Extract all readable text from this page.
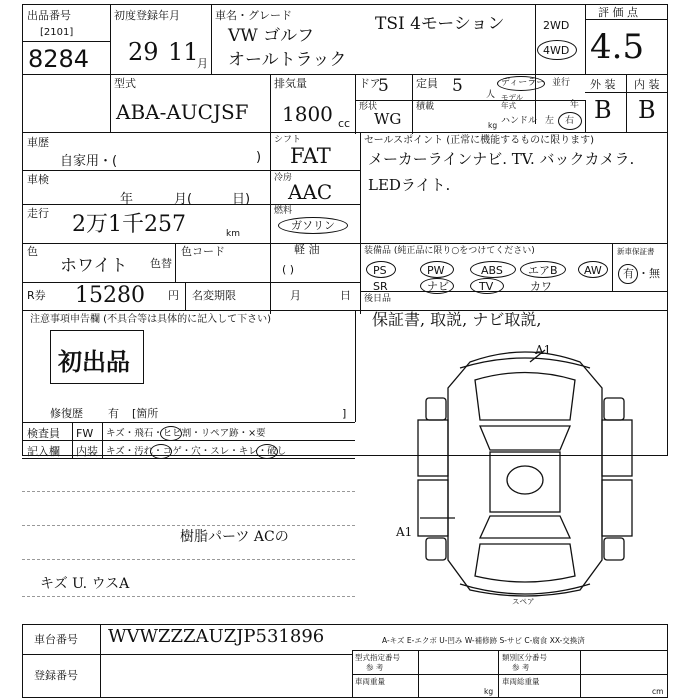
出品番号
[2101]
8284
初度登録年月
29 11
月
車名・グレード
VW ゴルフ
オールトラック
TSI 4モーション	2WD
4WD
評 価 点
4.5
型式
ABA-AUCJSF
排気量
1800 cc
ドア
5 定員 5	人
ディーラー 並行
形状
WG
積載
kg
モデル年式	年
ハンドル 左 右
外 装 内 装
B B
車歴
自家用・(	)
車検
年	月(	日)
走行 2万1千257	km
色
ホワイト 色替
色コード
R券 15280 円 名変期限	月	日
シフト
FAT
冷房
AAC
燃料
ガソリン
軽 油
( )
セールスポイント (正常に機能するものに限ります)
メーカーラインナビ. TV. バックカメラ.
LEDライト.
装備品 (純正品に限り○をつけてください)	新車保証書
有 ・無
PS	PW	ABS エアB AW
SR	ナビ	TV	カワ
後日品
保証書, 取説, ナビ取説,
注意事項申告欄 (不具合等は具体的に記入して下さい)
初出品
修復歴 有 [箇所	]
検査員 FW キズ・飛石・ヒビ割・リペア跡・×要
記入欄 内装 キズ・汚れ・コゲ・穴・スレ・キレ・破し
樹脂パーツ ACの
キズ U. ウスA
A1
A1
スペア
車台番号 WVWZZZAUZJP531896
登録番号
A-キズ E-エクボ U-凹み W-補修跡 S-サビ C-腐食 XX-交換済
型式指定番号
参 考
類別区分番号
参 考
車両重量
kg
車両総重量
cm
